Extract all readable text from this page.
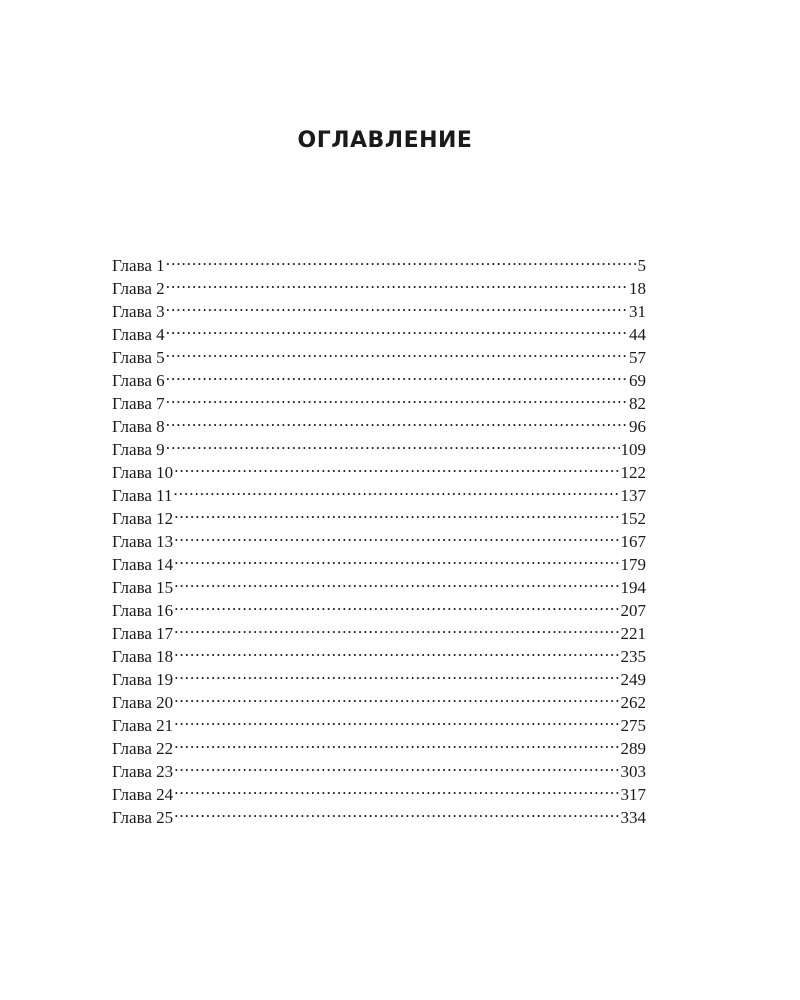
ОГЛАВЛЕНИЕ
Глава 1 .....	5
Глава 2 .....	18
Глава 3 .....	31
Глава 4 .....	44
Глава 5 .....	57
Глава 6 .....	69
Глава 7 .....	82
Глава 8 .....	96
Глава 9 .....	109
Глава 10 .....	122
Глава 11 .....	137
Глава 12 .....	152
Глава 13 .....	167
Глава 14 .....	179
Глава 15 .....	194
Глава 16 .....	207
Глава 17 .....	221
Глава 18 .....	235
Глава 19 .....	249
Глава 20 .....	262
Глава 21 .....	275
Глава 22 .....	289
Глава 23 .....	303
Глава 24 .....	317
Глава 25 .....	334
